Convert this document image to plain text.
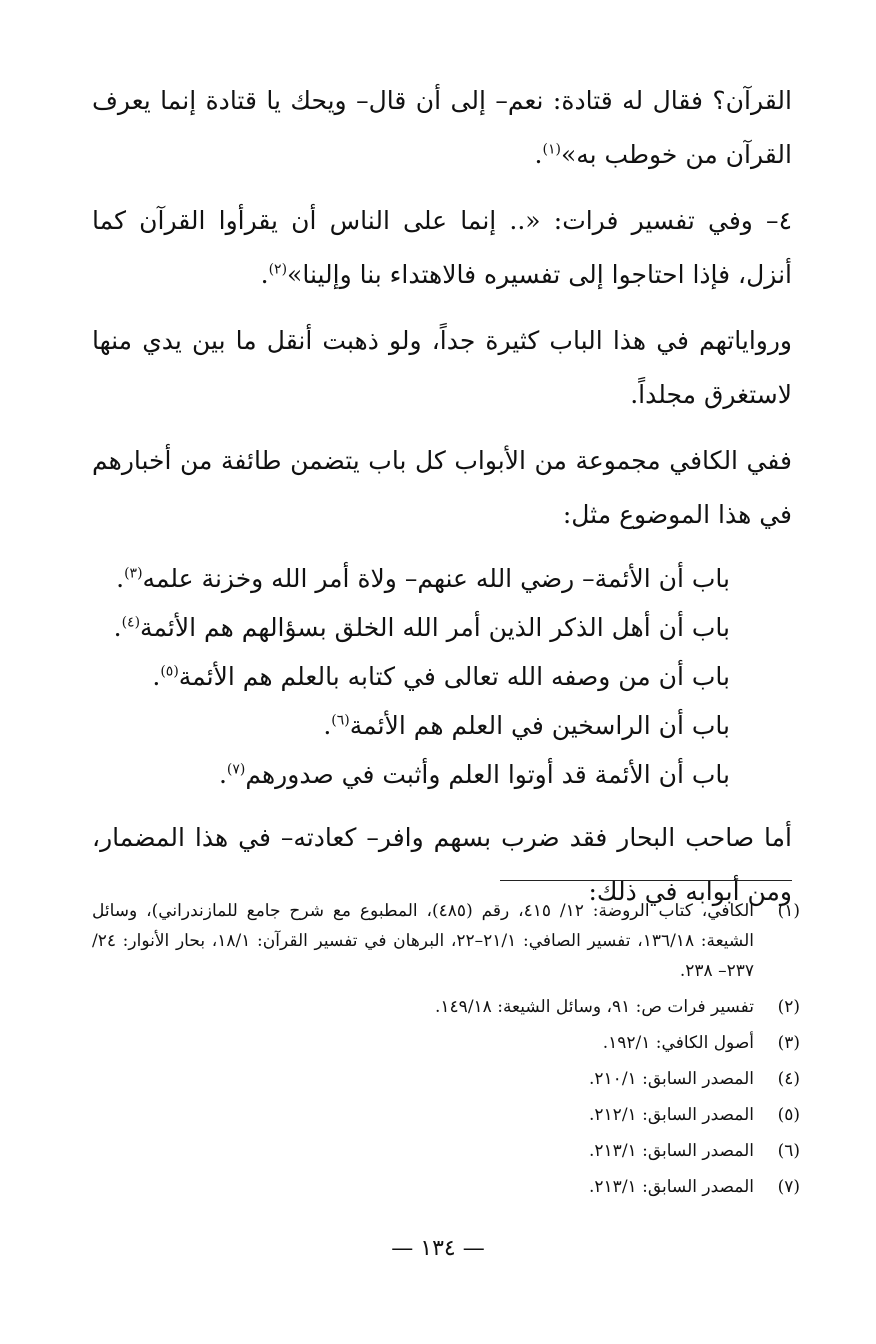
القرآن؟ فقال له قتادة: نعم– إلى أن قال– ويحك يا قتادة إنما يعرف القرآن من خوطب به»$^{(١)}$.

٤– وفي تفسير فرات: «.. إنما على الناس أن يقرأوا القرآن كما أنزل، فإذا احتاجوا إلى تفسيره فالاهتداء بنا وإلينا»$^{(٢)}$.

ورواياتهم في هذا الباب كثيرة جداً، ولو ذهبت أنقل ما بين يدي منها لاستغرق مجلداً.

ففي الكافي مجموعة من الأبواب كل باب يتضمن طائفة من أخبارهم في هذا الموضوع مثل:

باب أن الأئمة– رضي الله عنهم– ولاة أمر الله وخزنة علمه$^{(٣)}$.
باب أن أهل الذكر الذين أمر الله الخلق بسؤالهم هم الأئمة$^{(٤)}$.
باب أن من وصفه الله تعالى في كتابه بالعلم هم الأئمة$^{(٥)}$.
باب أن الراسخين في العلم هم الأئمة$^{(٦)}$.
باب أن الأئمة قد أوتوا العلم وأثبت في صدورهم$^{(٧)}$.

أما صاحب البحار فقد ضرب بسهم وافر– كعادته– في هذا المضمار، ومن أبوابه في ذلك:

(١)
الكافي، كتاب الروضة: ١٢/ ٤١٥، رقم (٤٨٥)، المطبوع مع شرح جامع للمازندراني)، وسائل الشيعة: ١٣٦/١٨، تفسير الصافي: ٢١/١–٢٢، البرهان في تفسير القرآن: ١٨/١، بحار الأنوار: ٢٤/ ٢٣٧– ٢٣٨.
(٢)
تفسير فرات ص: ٩١، وسائل الشيعة: ١٤٩/١٨.
(٣)
أصول الكافي: ١٩٢/١.
(٤)
المصدر السابق: ٢١٠/١.
(٥)
المصدر السابق: ٢١٢/١.
(٦)
المصدر السابق: ٢١٣/١.
(٧)
المصدر السابق: ٢١٣/١.
— ١٣٤ —
